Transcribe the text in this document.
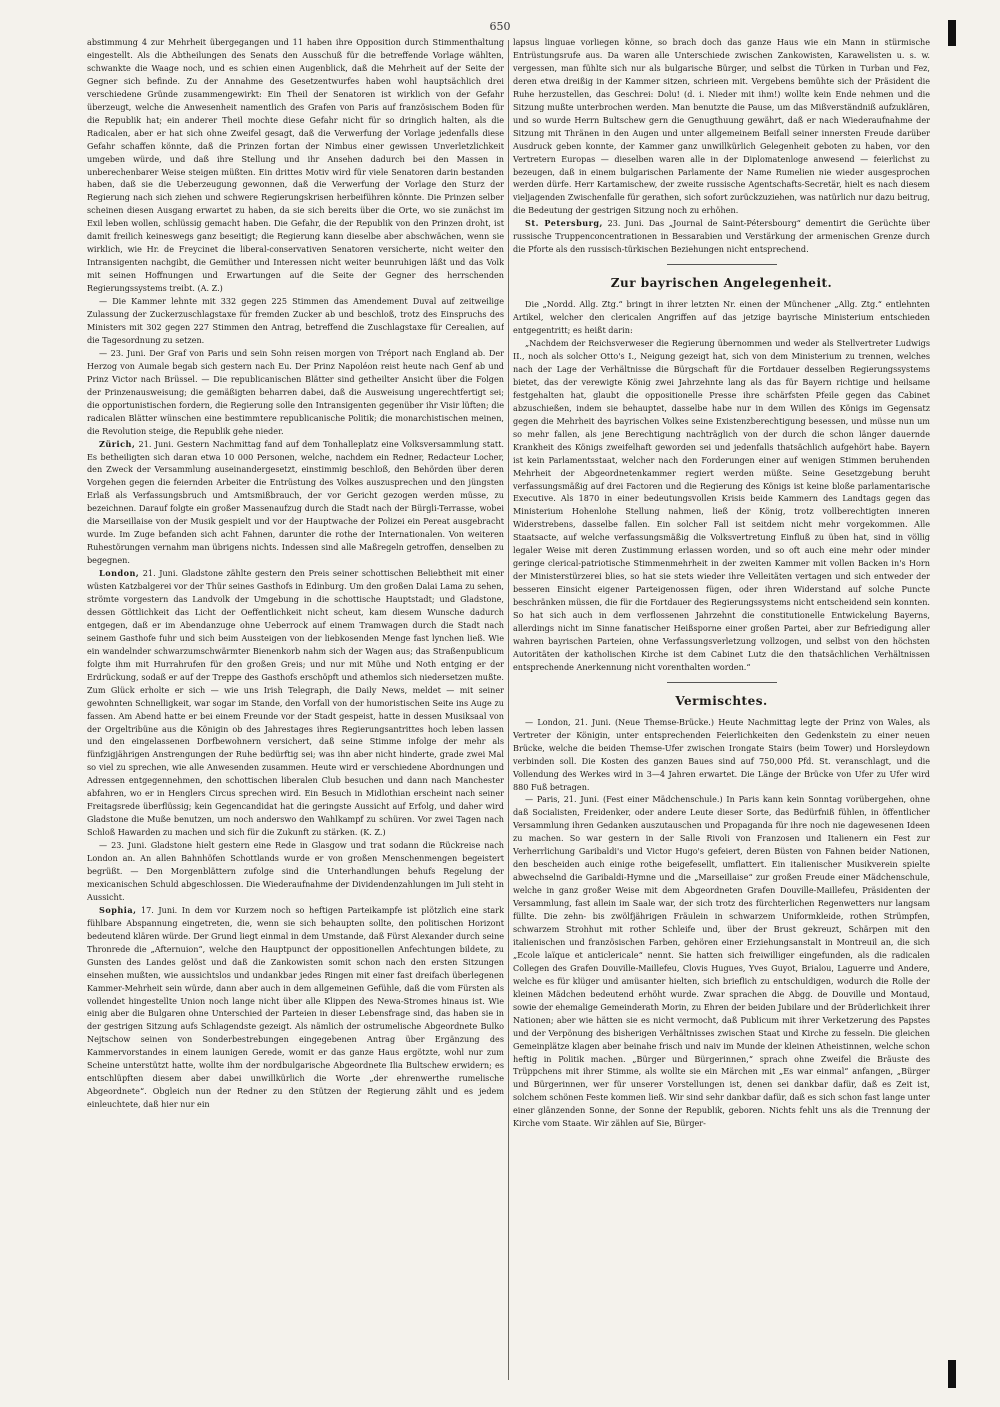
650

abstimmung 4 zur Mehrheit übergegangen und 11 haben ihre Opposition durch Stimmenthaltung eingestellt. Als die Abtheilungen des Senats den Ausschuß für die betreffende Vorlage wählten, schwankte die Waage noch, und es schien einen Augenblick, daß die Mehrheit auf der Seite der Gegner sich befinde. Zu der Annahme des Gesetzentwurfes haben wohl hauptsächlich drei verschiedene Gründe zusammengewirkt: Ein Theil der Senatoren ist wirklich von der Gefahr überzeugt, welche die Anwesenheit namentlich des Grafen von Paris auf französischem Boden für die Republik hat; ein anderer Theil mochte diese Gefahr nicht für so dringlich halten, als die Radicalen, aber er hat sich ohne Zweifel gesagt, daß die Verwerfung der Vorlage jedenfalls diese Gefahr schaffen könnte, daß die Prinzen fortan der Nimbus einer gewissen Unverletzlichkeit umgeben würde, und daß ihre Stellung und ihr Ansehen dadurch bei den Massen in unberechenbarer Weise steigen müßten. Ein drittes Motiv wird für viele Senatoren darin bestanden haben, daß sie die Ueberzeugung gewonnen, daß die Verwerfung der Vorlage den Sturz der Regierung nach sich ziehen und schwere Regierungskrisen herbeiführen könnte. Die Prinzen selber scheinen diesen Ausgang erwartet zu haben, da sie sich bereits über die Orte, wo sie zunächst im Exil leben wollen, schlüssig gemacht haben. Die Gefahr, die der Republik von den Prinzen droht, ist damit freilich keineswegs ganz beseitigt; die Regierung kann dieselbe aber abschwächen, wenn sie wirklich, wie Hr. de Freycinet die liberal-conservativen Senatoren versicherte, nicht weiter den Intransigenten nachgibt, die Gemüther und Interessen nicht weiter beunruhigen läßt und das Volk mit seinen Hoffnungen und Erwartungen auf die Seite der Gegner des herrschenden Regierungssystems treibt. (A. Z.)

— Die Kammer lehnte mit 332 gegen 225 Stimmen das Amendement Duval auf zeitweilige Zulassung der Zuckerzuschlagstaxe für fremden Zucker ab und beschloß, trotz des Einspruchs des Ministers mit 302 gegen 227 Stimmen den Antrag, betreffend die Zuschlagstaxe für Cerealien, auf die Tagesordnung zu setzen.

— 23. Juni. Der Graf von Paris und sein Sohn reisen morgen von Tréport nach England ab. Der Herzog von Aumale begab sich gestern nach Eu. Der Prinz Napoléon reist heute nach Genf ab und Prinz Victor nach Brüssel. — Die republicanischen Blätter sind getheilter Ansicht über die Folgen der Prinzenausweisung; die gemäßigten beharren dabei, daß die Ausweisung ungerechtfertigt sei; die opportunistischen fordern, die Regierung solle den Intransigenten gegenüber ihr Visir lüften; die radicalen Blätter wünschen eine bestimmtere republicanische Politik; die monarchistischen meinen, die Revolution steige, die Republik gehe nieder.

Zürich, 21. Juni. Gestern Nachmittag fand auf dem Tonhalleplatz eine Volksversammlung statt. Es betheiligten sich daran etwa 10 000 Personen, welche, nachdem ein Redner, Redacteur Locher, den Zweck der Versammlung auseinandergesetzt, einstimmig beschloß, den Behörden über deren Vorgehen gegen die feiernden Arbeiter die Entrüstung des Volkes auszusprechen und den jüngsten Erlaß als Verfassungsbruch und Amtsmißbrauch, der vor Gericht gezogen werden müsse, zu bezeichnen. Darauf folgte ein großer Massenaufzug durch die Stadt nach der Bürgli-Terrasse, wobei die Marseillaise von der Musik gespielt und vor der Hauptwache der Polizei ein Pereat ausgebracht wurde. Im Zuge befanden sich acht Fahnen, darunter die rothe der Internationalen. Von weiteren Ruhestörungen vernahm man übrigens nichts. Indessen sind alle Maßregeln getroffen, denselben zu begegnen.

London, 21. Juni. Gladstone zählte gestern den Preis seiner schottischen Beliebtheit mit einer wüsten Katzbalgerei vor der Thür seines Gasthofs in Edinburg. Um den großen Dalai Lama zu sehen, strömte vorgestern das Landvolk der Umgebung in die schottische Hauptstadt; und Gladstone, dessen Göttlichkeit das Licht der Oeffentlichkeit nicht scheut, kam diesem Wunsche dadurch entgegen, daß er im Abendanzuge ohne Ueberrock auf einem Tramwagen durch die Stadt nach seinem Gasthofe fuhr und sich beim Aussteigen von der liebkosenden Menge fast lynchen ließ. Wie ein wandelnder schwarzumschwärmter Bienenkorb nahm sich der Wagen aus; das Straßenpublicum folgte ihm mit Hurrahrufen für den großen Greis; und nur mit Mühe und Noth entging er der Erdrückung, sodaß er auf der Treppe des Gasthofs erschöpft und athemlos sich niedersetzen mußte. Zum Glück erholte er sich — wie uns Irish Telegraph, die Daily News, meldet — mit seiner gewohnten Schnelligkeit, war sogar im Stande, den Vorfall von der humoristischen Seite ins Auge zu fassen. Am Abend hatte er bei einem Freunde vor der Stadt gespeist, hatte in dessen Musiksaal von der Orgeltribüne aus die Königin ob des Jahrestages ihres Regierungsantrittes hoch leben lassen und den eingelassenen Dorfbewohnern versichert, daß seine Stimme infolge der mehr als fünfzigjährigen Anstrengungen der Ruhe bedürftig sei; was ihn aber nicht hinderte, grade zwei Mal so viel zu sprechen, wie alle Anwesenden zusammen. Heute wird er verschiedene Abordnungen und Adressen entgegennehmen, den schottischen liberalen Club besuchen und dann nach Manchester abfahren, wo er in Henglers Circus sprechen wird. Ein Besuch in Midlothian erscheint nach seiner Freitagsrede überflüssig; kein Gegencandidat hat die geringste Aussicht auf Erfolg, und daher wird Gladstone die Muße benutzen, um noch anderswo den Wahlkampf zu schüren. Vor zwei Tagen nach Schloß Hawarden zu machen und sich für die Zukunft zu stärken. (K. Z.)

— 23. Juni. Gladstone hielt gestern eine Rede in Glasgow und trat sodann die Rückreise nach London an. An allen Bahnhöfen Schottlands wurde er von großen Menschenmengen begeistert begrüßt. — Den Morgenblättern zufolge sind die Unterhandlungen behufs Regelung der mexicanischen Schuld abgeschlossen. Die Wiederaufnahme der Dividendenzahlungen im Juli steht in Aussicht.

Sophia, 17. Juni. In dem vor Kurzem noch so heftigen Parteikampfe ist plötzlich eine stark fühlbare Abspannung eingetreten, die, wenn sie sich behaupten sollte, den politischen Horizont bedeutend klären würde. Der Grund liegt einmal in dem Umstande, daß Fürst Alexander durch seine Thronrede die „Afternuion“, welche den Hauptpunct der oppositionellen Anfechtungen bildete, zu Gunsten des Landes gelöst und daß die Zankowisten somit schon nach den ersten Sitzungen einsehen mußten, wie aussichtslos und undankbar jedes Ringen mit einer fast dreifach überlegenen Kammer-Mehrheit sein würde, dann aber auch in dem allgemeinen Gefühle, daß die vom Fürsten als vollendet hingestellte Union noch lange nicht über alle Klippen des Newa-Stromes hinaus ist. Wie einig aber die Bulgaren ohne Unterschied der Parteien in dieser Lebensfrage sind, das haben sie in der gestrigen Sitzung aufs Schlagendste gezeigt. Als nämlich der ostrumelische Abgeordnete Bulko Nejtschow seinen von Sonderbestrebungen eingegebenen Antrag über Ergänzung des Kammervorstandes in einem launigen Gerede, womit er das ganze Haus ergötzte, wohl nur zum Scheine unterstützt hatte, wollte ihm der nordbulgarische Abgeordnete Ilia Bultschew erwidern; es entschlüpften diesem aber dabei unwillkürlich die Worte „der ehrenwerthe rumelische Abgeordnete“. Obgleich nun der Redner zu den Stützen der Regierung zählt und es jedem einleuchtete, daß hier nur ein

lapsus linguae vorliegen könne, so brach doch das ganze Haus wie ein Mann in stürmische Entrüstungsrufe aus. Da waren alle Unterschiede zwischen Zankowisten, Karawelisten u. s. w. vergessen, man fühlte sich nur als bulgarische Bürger, und selbst die Türken in Turban und Fez, deren etwa dreißig in der Kammer sitzen, schrieen mit. Vergebens bemühte sich der Präsident die Ruhe herzustellen, das Geschrei: Dolu! (d. i. Nieder mit ihm!) wollte kein Ende nehmen und die Sitzung mußte unterbrochen werden. Man benutzte die Pause, um das Mißverständniß aufzuklären, und so wurde Herrn Bultschew gern die Genugthuung gewährt, daß er nach Wiederaufnahme der Sitzung mit Thränen in den Augen und unter allgemeinem Beifall seiner innersten Freude darüber Ausdruck geben konnte, der Kammer ganz unwillkürlich Gelegenheit geboten zu haben, vor den Vertretern Europas — dieselben waren alle in der Diplomatenloge anwesend — feierlichst zu bezeugen, daß in einem bulgarischen Parlamente der Name Rumelien nie wieder ausgesprochen werden dürfe. Herr Kartamischew, der zweite russische Agentschafts-Secretär, hielt es nach diesem vieljagenden Zwischenfalle für gerathen, sich sofort zurückzuziehen, was natürlich nur dazu beitrug, die Bedeutung der gestrigen Sitzung noch zu erhöhen.

St. Petersburg, 23. Juni. Das „Journal de Saint-Pétersbourg“ dementirt die Gerüchte über russische Truppenconcentrationen in Bessarabien und Verstärkung der armenischen Grenze durch die Pforte als den russisch-türkischen Beziehungen nicht entsprechend.

Zur bayrischen Angelegenheit.

Die „Nordd. Allg. Ztg.“ bringt in ihrer letzten Nr. einen der Münchener „Allg. Ztg.“ entlehnten Artikel, welcher den clericalen Angriffen auf das jetzige bayrische Ministerium entschieden entgegentritt; es heißt darin:

„Nachdem der Reichsverweser die Regierung übernommen und weder als Stellvertreter Ludwigs II., noch als solcher Otto's I., Neigung gezeigt hat, sich von dem Ministerium zu trennen, welches nach der Lage der Verhältnisse die Bürgschaft für die Fortdauer desselben Regierungssystems bietet, das der verewigte König zwei Jahrzehnte lang als das für Bayern richtige und heilsame festgehalten hat, glaubt die oppositionelle Presse ihre schärfsten Pfeile gegen das Cabinet abzuschießen, indem sie behauptet, dasselbe habe nur in dem Willen des Königs im Gegensatz gegen die Mehrheit des bayrischen Volkes seine Existenzberechtigung besessen, und müsse nun um so mehr fallen, als jene Berechtigung nachträglich von der durch die schon länger dauernde Krankheit des Königs zweifelhaft geworden sei und jedenfalls thatsächlich aufgehört habe. Bayern ist kein Parlamentsstaat, welcher nach den Forderungen einer auf wenigen Stimmen beruhenden Mehrheit der Abgeordnetenkammer regiert werden müßte. Seine Gesetzgebung beruht verfassungsmäßig auf drei Factoren und die Regierung des Königs ist keine bloße parlamentarische Executive. Als 1870 in einer bedeutungsvollen Krisis beide Kammern des Landtags gegen das Ministerium Hohenlohe Stellung nahmen, ließ der König, trotz vollberechtigten inneren Widerstrebens, dasselbe fallen. Ein solcher Fall ist seitdem nicht mehr vorgekommen. Alle Staatsacte, auf welche verfassungsmäßig die Volksvertretung Einfluß zu üben hat, sind in völlig legaler Weise mit deren Zustimmung erlassen worden, und so oft auch eine mehr oder minder geringe clerical-patriotische Stimmenmehrheit in der zweiten Kammer mit vollen Backen in's Horn der Ministerstürzerei blies, so hat sie stets wieder ihre Velleitäten vertagen und sich entweder der besseren Einsicht eigener Parteigenossen fügen, oder ihren Widerstand auf solche Puncte beschränken müssen, die für die Fortdauer des Regierungssystems nicht entscheidend sein konnten. So hat sich auch in dem verflossenen Jahrzehnt die constitutionelle Entwickelung Bayerns, allerdings nicht im Sinne fanatischer Heißsporne einer großen Partei, aber zur Befriedigung aller wahren bayrischen Parteien, ohne Verfassungsverletzung vollzogen, und selbst von den höchsten Autoritäten der katholischen Kirche ist dem Cabinet Lutz die den thatsächlichen Verhältnissen entsprechende Anerkennung nicht vorenthalten worden.“

Vermischtes.

— London, 21. Juni. (Neue Themse-Brücke.) Heute Nachmittag legte der Prinz von Wales, als Vertreter der Königin, unter entsprechenden Feierlichkeiten den Gedenkstein zu einer neuen Brücke, welche die beiden Themse-Ufer zwischen Irongate Stairs (beim Tower) und Horsleydown verbinden soll. Die Kosten des ganzen Baues sind auf 750,000 Pfd. St. veranschlagt, und die Vollendung des Werkes wird in 3—4 Jahren erwartet. Die Länge der Brücke von Ufer zu Ufer wird 880 Fuß betragen.

— Paris, 21. Juni. (Fest einer Mädchenschule.) In Paris kann kein Sonntag vorübergehen, ohne daß Socialisten, Freidenker, oder andere Leute dieser Sorte, das Bedürfniß fühlen, in öffentlicher Versammlung ihren Gedanken auszutauschen und Propaganda für ihre noch nie dagewesenen Ideen zu machen. So war gestern in der Salle Rivoli von Franzosen und Italienern ein Fest zur Verherrlichung Garibaldi's und Victor Hugo's gefeiert, deren Büsten von Fahnen beider Nationen, den bescheiden auch einige rothe beigefesellt, umflattert. Ein italienischer Musikverein spielte abwechselnd die Garibaldi-Hymne und die „Marseillaise“ zur großen Freude einer Mädchenschule, welche in ganz großer Weise mit dem Abgeordneten Grafen Douville-Maillefeu, Präsidenten der Versammlung, fast allein im Saale war, der sich trotz des fürchterlichen Regenwetters nur langsam füllte. Die zehn- bis zwölfjährigen Fräulein in schwarzem Uniformkleide, rothen Strümpfen, schwarzem Strohhut mit rother Schleife und, über der Brust gekreuzt, Schärpen mit den italienischen und französischen Farben, gehören einer Erziehungsanstalt in Montreuil an, die sich „Ecole laïque et anticlericale“ nennt. Sie hatten sich freiwilliger eingefunden, als die radicalen Collegen des Grafen Douville-Maillefeu, Clovis Hugues, Yves Guyot, Brialou, Laguerre und Andere, welche es für klüger und amüsanter hielten, sich brieflich zu entschuldigen, wodurch die Rolle der kleinen Mädchen bedeutend erhöht wurde. Zwar sprachen die Abgg. de Douville und Montaud, sowie der ehemalige Gemeinderath Morin, zu Ehren der beiden Jubilare und der Brüderlichkeit ihrer Nationen; aber wie hätten sie es nicht vermocht, daß Publicum mit ihrer Verketzerung des Papstes und der Verpönung des bisherigen Verhältnisses zwischen Staat und Kirche zu fesseln. Die gleichen Gemeinplätze klagen aber beinahe frisch und naiv im Munde der kleinen Atheistinnen, welche schon heftig in Politik machen. „Bürger und Bürgerinnen,“ sprach ohne Zweifel die Bräuste des Trüppchens mit ihrer Stimme, als wollte sie ein Märchen mit „Es war einmal“ anfangen, „Bürger und Bürgerinnen, wer für unserer Vorstellungen ist, denen sei dankbar dafür, daß es Zeit ist, solchem schönen Feste kommen ließ. Wir sind sehr dankbar dafür, daß es sich schon fast lange unter einer glänzenden Sonne, der Sonne der Republik, geboren. Nichts fehlt uns als die Trennung der Kirche vom Staate. Wir zählen auf Sie, Bürger-
